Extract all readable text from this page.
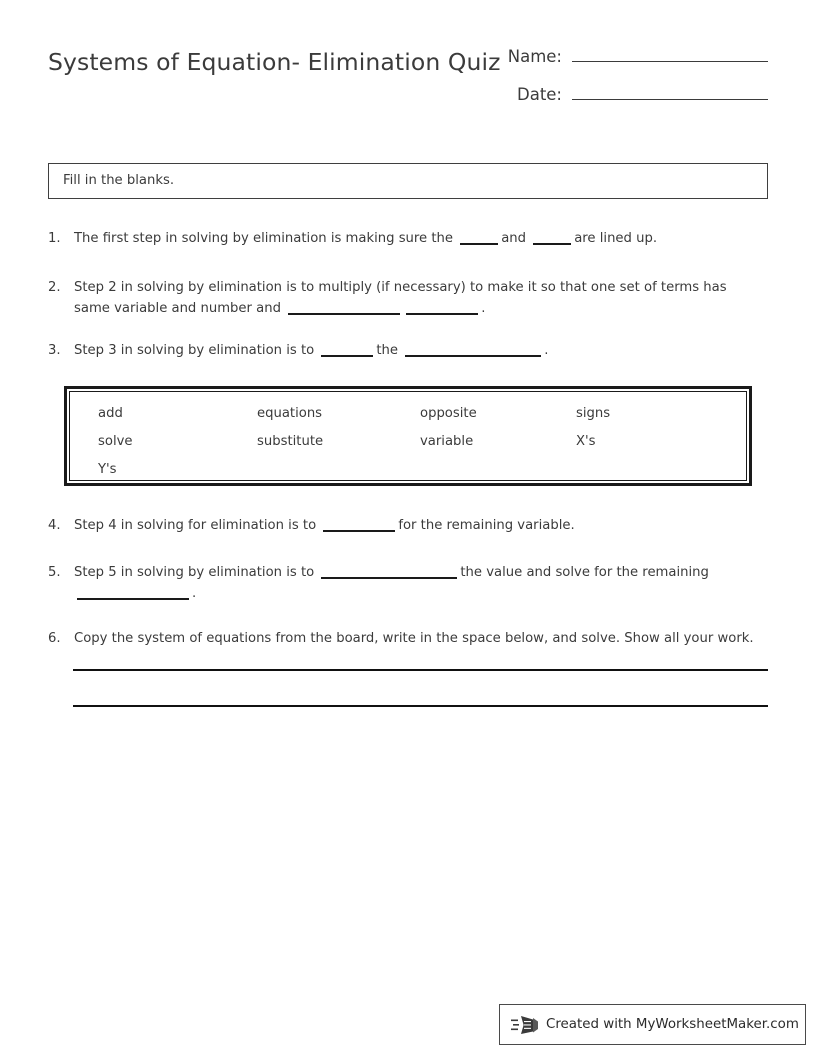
Systems of Equation- Elimination Quiz Name:
Date:
Fill in the blanks.
1.	The first step in solving by elimination is making sure the	and	are lined up.
2.	Step 2 in solving by elimination is to multiply (if necessary) to make it so that one set of terms has
same variable and number and	.
3.	Step 3 in solving by elimination is to	the	.
4.	Step 4 in solving for elimination is to	for the remaining variable.
5.	Step 5 in solving by elimination is to	the value and solve for the remaining
.
6.	Copy the system of equations from the board, write in the space below, and solve. Show all your work.
add	equations	opposite	signs
solve	substitute	variable	X's
Y's
Created with MyWorksheetMaker.com
